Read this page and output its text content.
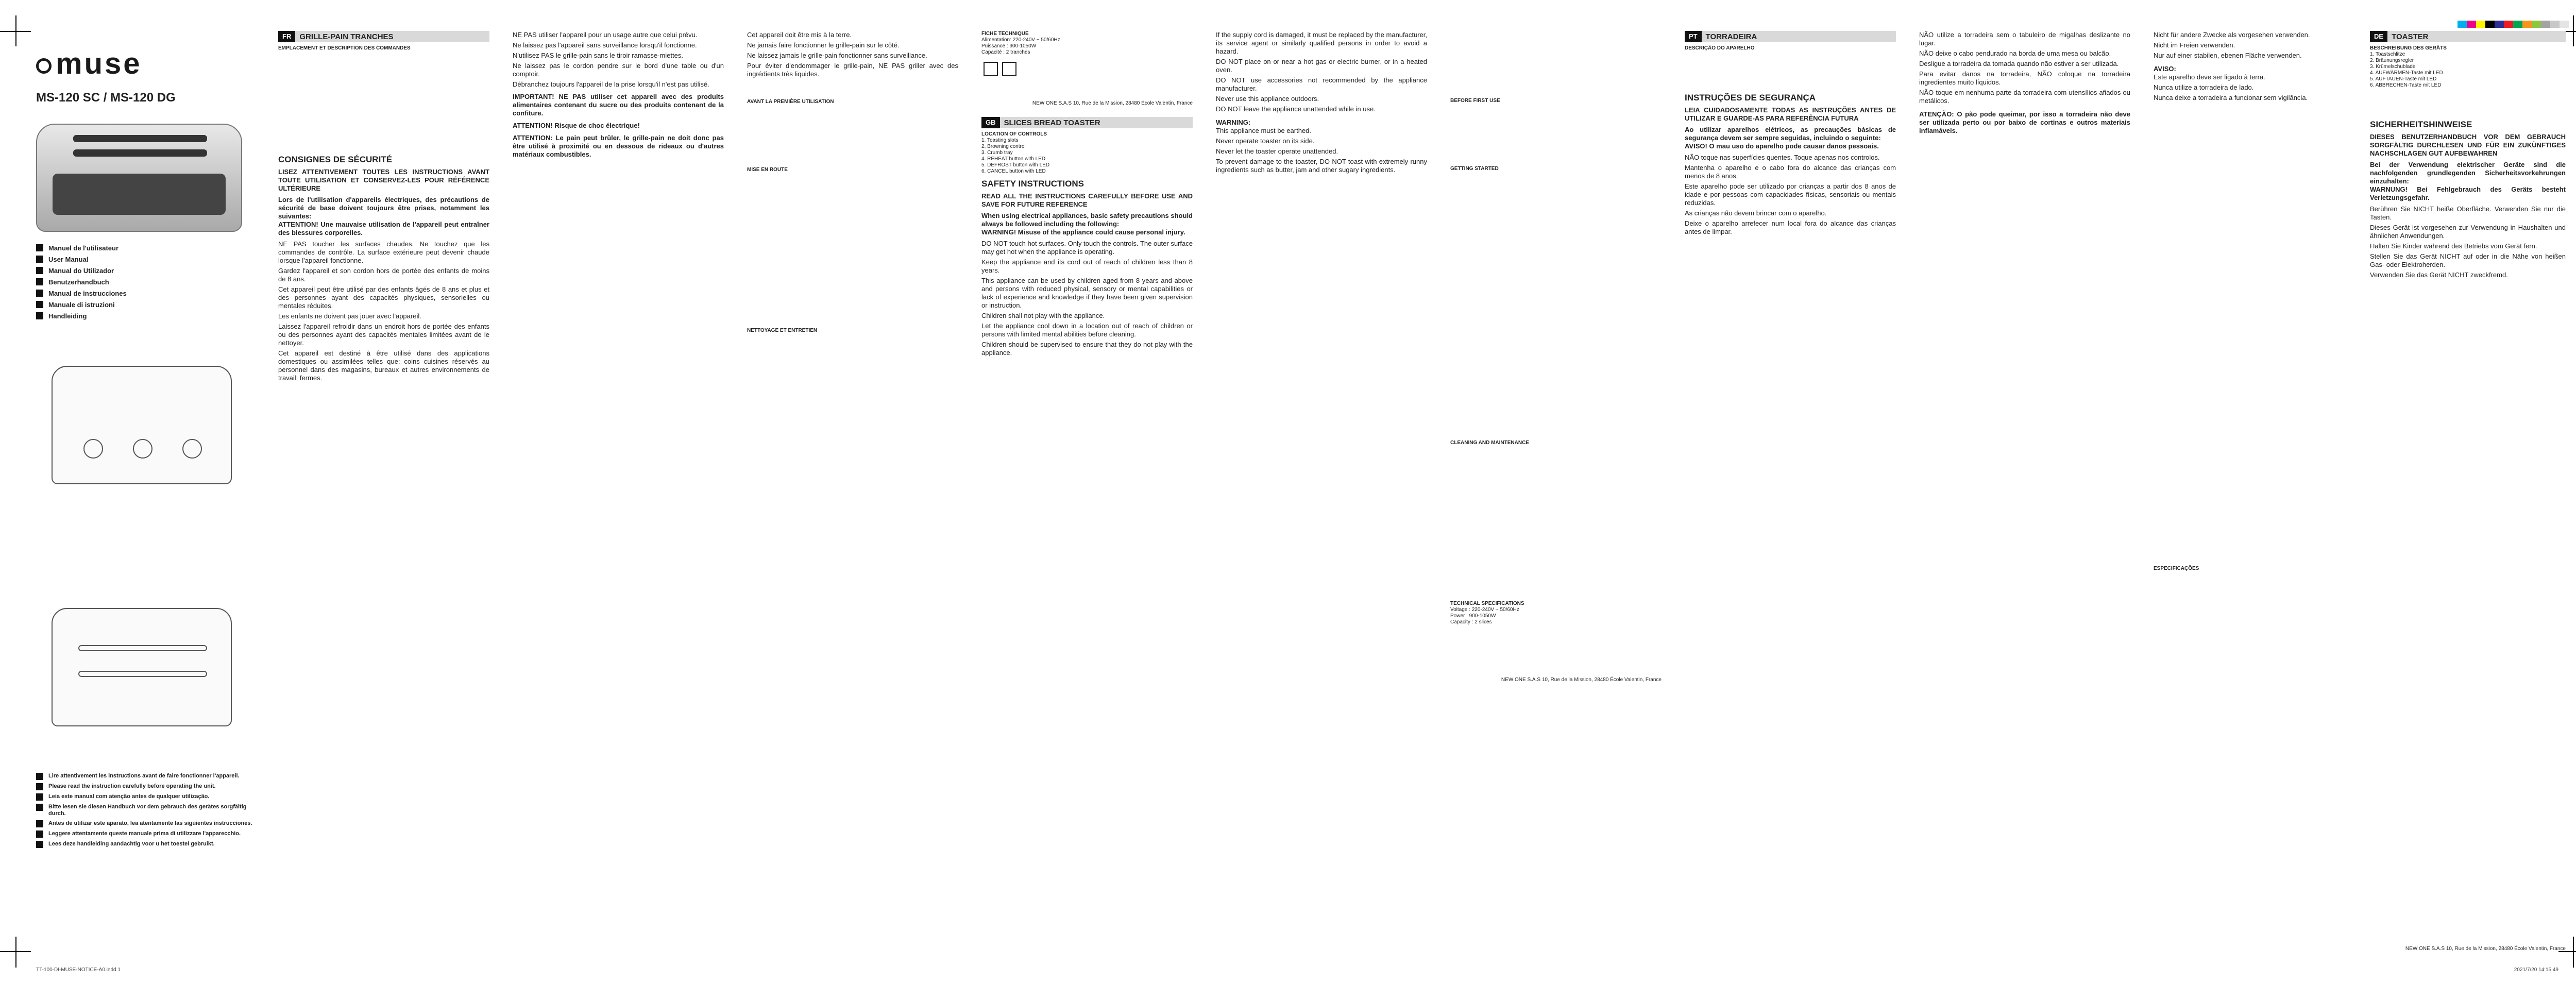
muse
MS-120 SC / MS-120 DG
Manuel de l'utilisateur
User Manual
Manual do Utilizador
Benutzerhandbuch
Manual de instrucciones
Manuale di istruzioni
Handleiding
Lire attentivement les instructions avant de faire fonctionner l'appareil.
Please read the instruction carefully before operating the unit.
Leia este manual com atenção antes de qualquer utilização.
Bitte lesen sie diesen Handbuch vor dem gebrauch des gerätes sorgfältig durch.
Antes de utilizar este aparato, lea atentamente las siguientes instrucciones.
Leggere attentamente queste manuale prima di utilizzare l'apparecchio.
Lees deze handleiding aandachtig voor u het toestel gebruikt.
TT-100-DI-MUSE-NOTICE-A0.indd 1
FR	GRILLE-PAIN TRANCHES
EMPLACEMENT ET DESCRIPTION DES COMMANDES
CONSIGNES DE SÉCURITÉ
LISEZ ATTENTIVEMENT TOUTES LES INSTRUCTIONS AVANT TOUTE UTILISATION ET CONSERVEZ-LES POUR RÉFÉRENCE ULTÉRIEURE
Lors de l'utilisation d'appareils électriques, des précautions de sécurité de base doivent toujours être prises, notamment les suivantes:
ATTENTION! Une mauvaise utilisation de l'appareil peut entraîner des blessures corporelles.

NE PAS toucher les surfaces chaudes. Ne touchez que les commandes de contrôle. La surface extérieure peut devenir chaude lorsque l'appareil fonctionne.

Gardez l'appareil et son cordon hors de portée des enfants de moins de 8 ans.

Cet appareil peut être utilisé par des enfants âgés de 8 ans et plus et des personnes ayant des capacités physiques, sensorielles ou mentales réduites.

Les enfants ne doivent pas jouer avec l'appareil.

Laissez l'appareil refroidir dans un endroit hors de portée des enfants ou des personnes ayant des capacités mentales limitées avant de le nettoyer.

Cet appareil est destiné à être utilisé dans des applications domestiques ou assimilées telles que: coins cuisines réservés au personnel dans des magasins, bureaux et autres environnements de travail; fermes.

NE PAS utiliser l'appareil pour un usage autre que celui prévu.

Ne laissez pas l'appareil sans surveillance lorsqu'il fonctionne.

N'utilisez PAS le grille-pain sans le tiroir ramasse-miettes.

Ne laissez pas le cordon pendre sur le bord d'une table ou d'un comptoir.

Débranchez toujours l'appareil de la prise lorsqu'il n'est pas utilisé.

IMPORTANT! NE PAS utiliser cet appareil avec des produits alimentaires contenant du sucre ou des produits contenant de la confiture.
ATTENTION! Risque de choc électrique!
ATTENTION: Le pain peut brûler, le grille-pain ne doit donc pas être utilisé à proximité ou en dessous de rideaux ou d'autres matériaux combustibles.

Cet appareil doit être mis à la terre.

Ne jamais faire fonctionner le grille-pain sur le côté.

Ne laissez jamais le grille-pain fonctionner sans surveillance.

Pour éviter d'endommager le grille-pain, NE PAS griller avec des ingrédients très liquides.

AVANT LA PREMIÈRE UTILISATION
MISE EN ROUTE
NETTOYAGE ET ENTRETIEN
FICHE TECHNIQUE
Alimentation: 220-240V ~ 50/60Hz
Puissance : 900-1050W
Capacité : 2 tranches
NEW ONE S.A.S 10, Rue de la Mission, 28480 École Valentin, France
GB	SLICES BREAD TOASTER
LOCATION OF CONTROLS
1. Toasting slots
2. Browning control
3. Crumb tray
4. REHEAT button with LED
5. DEFROST button with LED
6. CANCEL button with LED
SAFETY INSTRUCTIONS
READ ALL THE INSTRUCTIONS CAREFULLY BEFORE USE AND SAVE FOR FUTURE REFERENCE
When using electrical appliances, basic safety precautions should always be followed including the following:
WARNING! Misuse of the appliance could cause personal injury.

DO NOT touch hot surfaces. Only touch the controls. The outer surface may get hot when the appliance is operating.

Keep the appliance and its cord out of reach of children less than 8 years.

This appliance can be used by children aged from 8 years and above and persons with reduced physical, sensory or mental capabilities or lack of experience and knowledge if they have been given supervision or instruction.

Children shall not play with the appliance.

Let the appliance cool down in a location out of reach of children or persons with limited mental abilities before cleaning.

Children should be supervised to ensure that they do not play with the appliance.

If the supply cord is damaged, it must be replaced by the manufacturer, its service agent or similarly qualified persons in order to avoid a hazard.

DO NOT place on or near a hot gas or electric burner, or in a heated oven.

DO NOT use accessories not recommended by the appliance manufacturer.

Never use this appliance outdoors.

DO NOT leave the appliance unattended while in use.

WARNING:

This appliance must be earthed.

Never operate toaster on its side.

Never let the toaster operate unattended.

To prevent damage to the toaster, DO NOT toast with extremely runny ingredients such as butter, jam and other sugary ingredients.

BEFORE FIRST USE
GETTING STARTED
CLEANING AND MAINTENANCE
TECHNICAL SPECIFICATIONS
Voltage : 220-240V ~ 50/60Hz
Power : 900-1050W
Capacity : 2 slices
NEW ONE S.A.S 10, Rue de la Mission, 28480 École Valentin, France
PT	TORRADEIRA
DESCRIÇÃO DO APARELHO
INSTRUÇÕES DE SEGURANÇA
LEIA CUIDADOSAMENTE TODAS AS INSTRUÇÕES ANTES DE UTILIZAR E GUARDE-AS PARA REFERÊNCIA FUTURA
Ao utilizar aparelhos elétricos, as precauções básicas de segurança devem ser sempre seguidas, incluindo o seguinte:
AVISO! O mau uso do aparelho pode causar danos pessoais.

NÃO toque nas superfícies quentes. Toque apenas nos controlos.

Mantenha o aparelho e o cabo fora do alcance das crianças com menos de 8 anos.

Este aparelho pode ser utilizado por crianças a partir dos 8 anos de idade e por pessoas com capacidades físicas, sensoriais ou mentais reduzidas.

As crianças não devem brincar com o aparelho.

Deixe o aparelho arrefecer num local fora do alcance das crianças antes de limpar.

NÃO utilize a torradeira sem o tabuleiro de migalhas deslizante no lugar.

NÃO deixe o cabo pendurado na borda de uma mesa ou balcão.

Desligue a torradeira da tomada quando não estiver a ser utilizada.

Para evitar danos na torradeira, NÃO coloque na torradeira ingredientes muito líquidos.

NÃO toque em nenhuma parte da torradeira com utensílios afiados ou metálicos.

ATENÇÃO: O pão pode queimar, por isso a torradeira não deve ser utilizada perto ou por baixo de cortinas e outros materiais inflamáveis.

Nicht für andere Zwecke als vorgesehen verwenden.

Nicht im Freien verwenden.

Nur auf einer stabilen, ebenen Fläche verwenden.

AVISO:

Este aparelho deve ser ligado à terra.

Nunca utilize a torradeira de lado.

Nunca deixe a torradeira a funcionar sem vigilância.

ESPECIFICAÇÕES
DE	TOASTER
BESCHREIBUNG DES GERÄTS
1. Toastschlitze
2. Bräunungsregler
3. Krümelschublade
4. AUFWÄRMEN-Taste mit LED
5. AUFTAUEN-Taste mit LED
6. ABBRECHEN-Taste mit LED
SICHERHEITSHINWEISE
DIESES BENUTZERHANDBUCH VOR DEM GEBRAUCH SORGFÄLTIG DURCHLESEN UND FÜR EIN ZUKÜNFTIGES NACHSCHLAGEN GUT AUFBEWAHREN
Bei der Verwendung elektrischer Geräte sind die nachfolgenden grundlegenden Sicherheitsvorkehrungen einzuhalten:
WARNUNG! Bei Fehlgebrauch des Geräts besteht Verletzungsgefahr.

Berühren Sie NICHT heiße Oberfläche. Verwenden Sie nur die Tasten.

Dieses Gerät ist vorgesehen zur Verwendung in Haushalten und ähnlichen Anwendungen.

Halten Sie Kinder während des Betriebs vom Gerät fern.

Stellen Sie das Gerät NICHT auf oder in die Nähe von heißen Gas- oder Elektroherden.

Verwenden Sie das Gerät NICHT zweckfremd.

NEW ONE S.A.S 10, Rue de la Mission, 28480 École Valentin, France
2021/7/20 14:15:49
